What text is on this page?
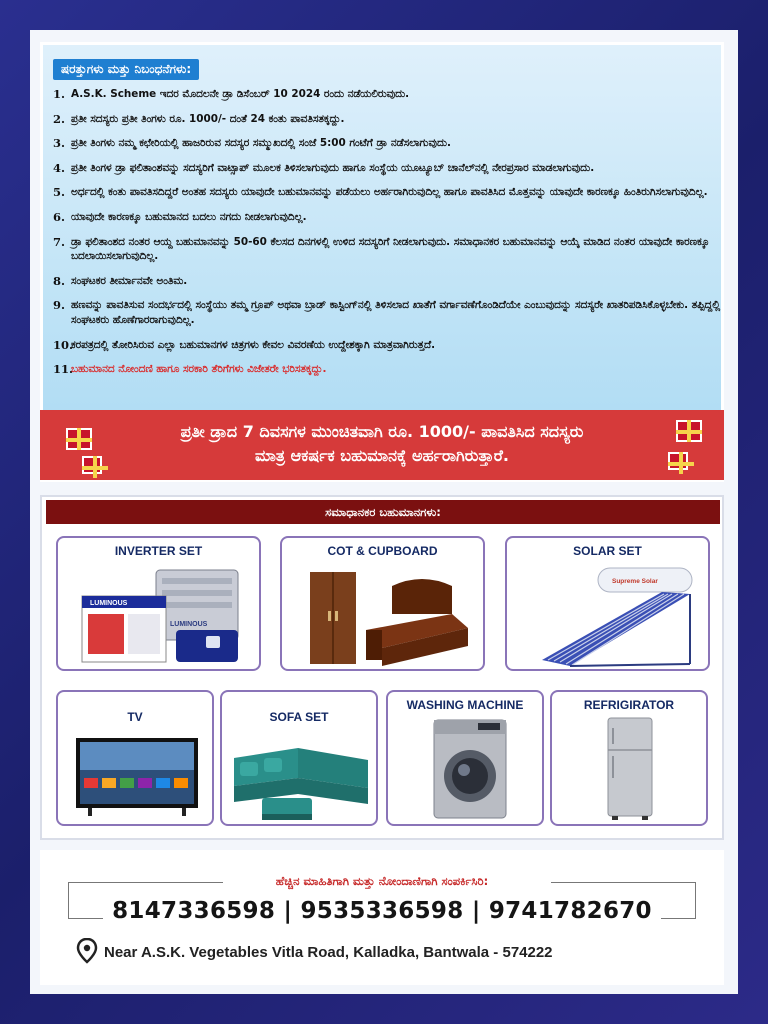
ಷರತ್ತುಗಳು ಮತ್ತು ನಿಬಂಧನೆಗಳು:
1. A.S.K. Scheme ಇದರ ಮೊದಲನೇ ಡ್ರಾ ಡಿಸೆಂಬರ್ 10 2024 ರಂದು ನಡೆಯಲಿರುವುದು.
2. ಪ್ರತೀ ಸದಸ್ಯರು ಪ್ರತೀ ತಿಂಗಳು ರೂ. 1000/- ದಂತೆ 24 ಕಂತು ಪಾವತಿಸತಕ್ಕದ್ದು.
3. ಪ್ರತೀ ತಿಂಗಳು ನಮ್ಮ ಕಛೇರಿಯಲ್ಲಿ ಹಾಜರಿರುವ ಸದಸ್ಯರ ಸಮ್ಮುಖದಲ್ಲಿ ಸಂಜೆ 5:00 ಗಂಟೆಗೆ ಡ್ರಾ ನಡೆಸಲಾಗುವುದು.
4. ಪ್ರತೀ ತಿಂಗಳ ಡ್ರಾ ಫಲಿತಾಂಶವನ್ನು ಸದಸ್ಯರಿಗೆ ವಾಟ್ಸಾಪ್ ಮೂಲಕ ತಿಳಿಸಲಾಗುವುದು ಹಾಗೂ ಸಂಸ್ಥೆಯ ಯೂಟ್ಯೂಬ್ ಚಾನೆಲ್‌ನಲ್ಲಿ ನೇರಪ್ರಸಾರ ಮಾಡಲಾಗುವುದು.
5. ಅರ್ಧದಲ್ಲಿ ಕಂತು ಪಾವತಿಸದಿದ್ದರೆ ಅಂತಹ ಸದಸ್ಯರು ಯಾವುದೇ ಬಹುಮಾನವನ್ನು ಪಡೆಯಲು ಅರ್ಹರಾಗಿರುವುದಿಲ್ಲ ಹಾಗೂ ಪಾವತಿಸಿದ ಮೊತ್ತವನ್ನು ಯಾವುದೇ ಕಾರಣಕ್ಕೂ ಹಿಂತಿರುಗಿಸಲಾಗುವುದಿಲ್ಲ.
6. ಯಾವುದೇ ಕಾರಣಕ್ಕೂ ಬಹುಮಾನದ ಬದಲು ನಗದು ನೀಡಲಾಗುವುದಿಲ್ಲ.
7. ಡ್ರಾ ಫಲಿತಾಂಶದ ನಂತರ ಆಯ್ದ ಬಹುಮಾನವನ್ನು 50-60 ಕೆಲಸದ ದಿನಗಳಲ್ಲಿ ಉಳಿದ ಸದಸ್ಯರಿಗೆ ನೀಡಲಾಗುವುದು. ಸಮಾಧಾನಕರ ಬಹುಮಾನವನ್ನು ಆಯ್ಕೆ ಮಾಡಿದ ನಂತರ ಯಾವುದೇ ಕಾರಣಕ್ಕೂ ಬದಲಾಯಿಸಲಾಗುವುದಿಲ್ಲ.
8. ಸಂಘಟಕರ ತೀರ್ಮಾನವೇ ಅಂತಿಮ.
9. ಹಣವನ್ನು ಪಾವತಿಸುವ ಸಂದರ್ಭದಲ್ಲಿ ಸಂಸ್ಥೆಯು ತಮ್ಮ ಗ್ರೂಪ್ ಅಥವಾ ಬ್ರಾಡ್ ಕಾಸ್ಟಿಂಗ್‌ನಲ್ಲಿ ತಿಳಿಸಲಾದ ಖಾತೆಗೆ ವರ್ಗಾವಣೆಗೊಂಡಿದೆಯೇ ಎಂಬುವುದನ್ನು ಸದಸ್ಯರೇ ಖಾತರಿಪಡಿಸಿಕೊಳ್ಳಬೇಕು. ತಪ್ಪಿದ್ದಲ್ಲಿ ಸಂಘಟಕರು ಹೊಣೆಗಾರರಾಗುವುದಿಲ್ಲ.
10.
ಕರಪತ್ರದಲ್ಲಿ ತೋರಿಸಿರುವ ಎಲ್ಲಾ ಬಹುಮಾನಗಳ ಚಿತ್ರಗಳು ಕೇವಲ ವಿವರಣೆಯ ಉದ್ದೇಶಕ್ಕಾಗಿ ಮಾತ್ರವಾಗಿರುತ್ತದೆ.
11.
ಬಹುಮಾನದ ನೋಂದಣಿ ಹಾಗೂ ಸರಕಾರಿ ತೆರಿಗೆಗಳು ವಿಜೇತರೇ ಭರಿಸತಕ್ಕದ್ದು.
ಪ್ರತೀ ಡ್ರಾದ 7 ದಿವಸಗಳ ಮುಂಚಿತವಾಗಿ ರೂ. 1000/- ಪಾವತಿಸಿದ ಸದಸ್ಯರು
ಮಾತ್ರ ಆಕರ್ಷಕ ಬಹುಮಾನಕ್ಕೆ ಅರ್ಹರಾಗಿರುತ್ತಾರೆ.
ಸಮಾಧಾನಕರ ಬಹುಮಾನಗಳು:
INVERTER SET
LUMINOUS
LUMINOUS
COT & CUPBOARD	SOLAR SET
Supreme Solar
TV	SOFA SET
WASHING MACHINE	REFRIGIRATOR
ಹೆಚ್ಚಿನ ಮಾಹಿತಿಗಾಗಿ ಮತ್ತು ನೋಂದಾಣಿಗಾಗಿ ಸಂಪರ್ಕಿಸಿರಿ:
8147336598 | 9535336598 | 9741782670
Near A.S.K. Vegetables Vitla Road, Kalladka, Bantwala - 574222
